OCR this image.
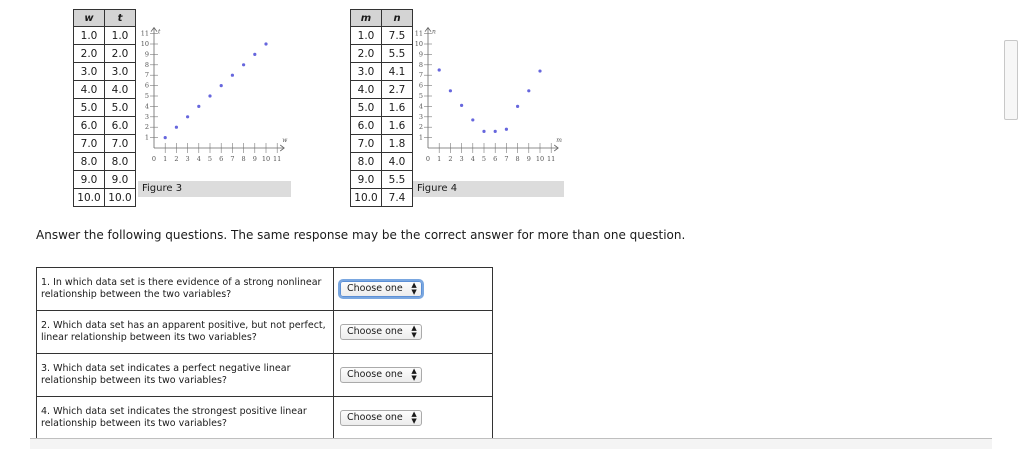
w	t
1.0	1.0
2.0	2.0
3.0	3.0
4.0	4.0
5.0	5.0
6.0	6.0
7.0	7.0
8.0	8.0
9.0	9.0
10.0	10.0
w
t
0 1 2 3 4 5 6 7 8 9 10 11
1
2
3
4
5
6
7
8
9
10
11
Figure 3
m	n
1.0	7.5
2.0	5.5
3.0	4.1
4.0	2.7
5.0	1.6
6.0	1.6
7.0	1.8
8.0	4.0
9.0	5.5
10.0	7.4
m
n
0 1 2 3 4 5 6 7 8 9 10 11
1
2
3
4
5
6
7
8
9
10
11
Figure 4
Answer the following questions. The same response may be the correct answer for more than one question.
1. In which data set is there evidence of a strong nonlinear relationship between the two variables?	Choose one ▲
▼

2. Which data set has an apparent positive, but not perfect, linear relationship between its two variables?	Choose one ▲
▼

3. Which data set indicates a perfect negative linear relationship between its two variables?	Choose one ▲
▼

4. Which data set indicates the strongest positive linear relationship between its two variables?	Choose one ▲
▼
